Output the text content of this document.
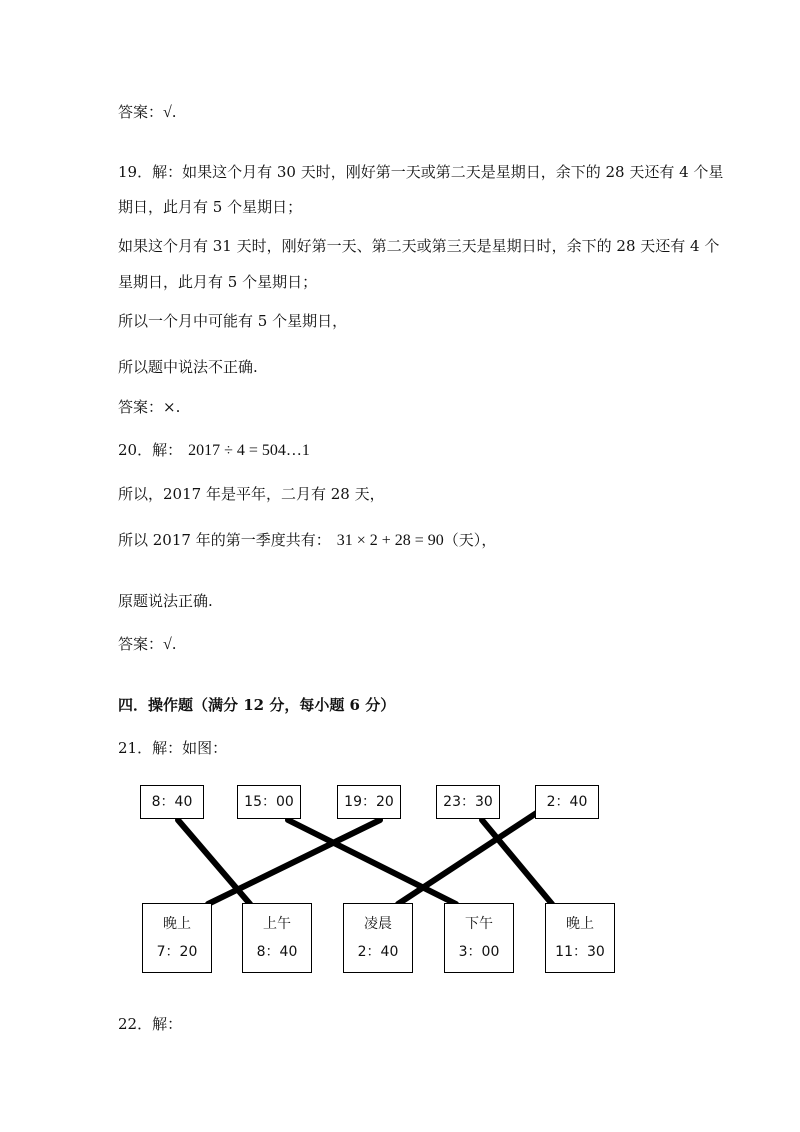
答案：√.
19．解：如果这个月有 30 天时，刚好第一天或第二天是星期日，余下的 28 天还有 4 个星
期日，此月有 5 个星期日；
如果这个月有 31 天时，刚好第一天、第二天或第三天是星期日时，余下的 28 天还有 4 个
星期日，此月有 5 个星期日；
所以一个月中可能有 5 个星期日，
所以题中说法不正确.
答案：×.
20．解： 2017 ÷ 4 = 504…1
所以，2017 年是平年，二月有 28 天，
所以 2017 年的第一季度共有： 31 × 2 + 28 = 90（天），
原题说法正确.
答案：√.
四．操作题（满分 12 分，每小题 6 分）
21．解：如图：
8：40	15：00	19：20	23：30	2：40
晚上
7：20
上午
8：40
凌晨
2：40
下午
3：00
晚上
11：30
22．解：
